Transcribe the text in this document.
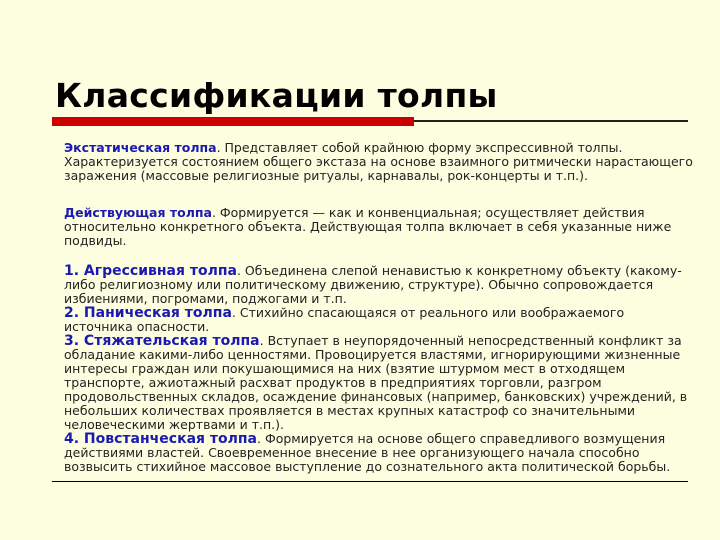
Классификации толпы
Экстатическая толпа. Представляет собой крайнюю форму экспрессивной толпы. Характеризуется состоянием общего экстаза на основе взаимного ритмически нарастающего заражения (массовые религиозные ритуалы, карнавалы, рок-концерты и т.п.).
Действующая толпа. Формируется — как и конвенциальная; осуществляет действия относительно конкретного объекта. Действующая толпа включает в себя указанные ниже подвиды.
1. Агрессивная толпа. Объединена слепой ненавистью к конкретному объекту (какому-либо религиозному или политическому движению, структуре). Обычно сопровождается избиениями, погромами, поджогами и т.п.
2. Паническая толпа. Стихийно спасающаяся от реального или воображаемого источника опасности.
3. Стяжательская толпа. Вступает в неупорядоченный непосредственный конфликт за обладание какими-либо ценностями. Провоцируется властями, игнорирующими жизненные интересы граждан или покушающимися на них (взятие штурмом мест в отходящем транспорте, ажиотажный расхват продуктов в предприятиях торговли, разгром продовольственных складов, осаждение финансовых (например, банковских) учреждений, в небольших количествах проявляется в местах крупных катастроф со значительными человеческими жертвами и т.п.).
4. Повстанческая толпа. Формируется на основе общего справедливого возмущения действиями властей. Своевременное внесение в нее организующего начала способно возвысить стихийное массовое выступление до сознательного акта политической борьбы.
